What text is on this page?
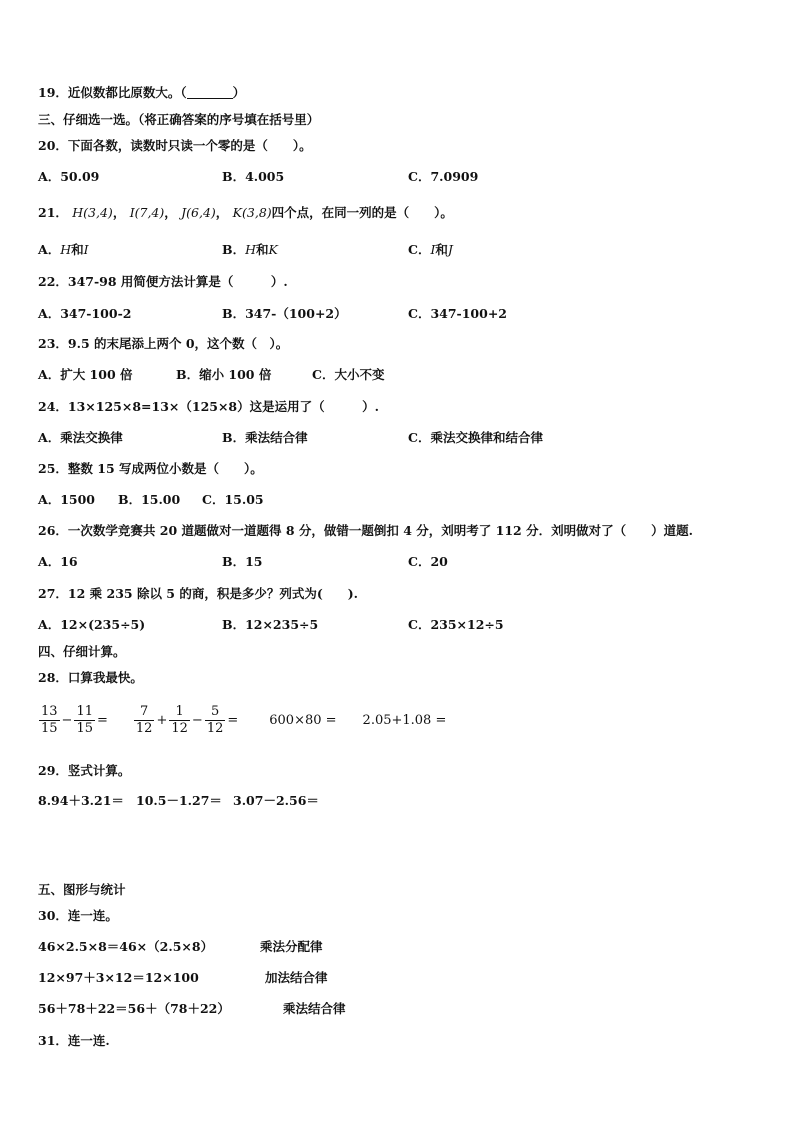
19．近似数都比原数大。（	）
三、仔细选一选。（将正确答案的序号填在括号里）
20．下面各数，读数时只读一个零的是（　　）。
A．50.09	B．4.005	C．7.0909
21． H(3,4)， I(7,4)， J(6,4)， K(3,8)四个点，在同一列的是（　　）。
A．H和I	B．H和K	C．I和J
22．347-98 用简便方法计算是（　　　）.
A．347-100-2	B．347-（100+2）	C．347-100+2
23．9.5 的末尾添上两个 0，这个数（　）。
A．扩大 100 倍	B．缩小 100 倍	C．大小不变
24．13×125×8=13×（125×8）这是运用了（　　　）.
A．乘法交换律	B．乘法结合律	C．乘法交换律和结合律
25．整数 15 写成两位小数是（　　）。
A．1500 B．15.00 C．15.05
26．一次数学竞赛共 20 道题做对一道题得 8 分，做错一题倒扣 4 分，刘明考了 112 分．刘明做对了（　　）道题.
A．16	B．15	C．20
27．12 乘 235 除以 5 的商，积是多少？列式为(　　).
A．12×(235÷5)	B．12×235÷5	C．235×12÷5
四、仔细计算。
28．口算我最快。
$\frac{13}{15} - \frac{11}{15} = \frac{7}{12} + \frac{1}{12} - \frac{5}{12} = 600\times 80 = 2.05+1.08$ =
29．竖式计算。
8.94＋3.21＝ 10.5－1.27＝ 3.07－2.56＝
五、图形与统计
30．连一连。
46×2.5×8＝46×（2.5×8）	乘法分配律
12×97＋3×12＝12×100	加法结合律
56＋78＋22＝56＋（78＋22）	乘法结合律
31．连一连.
